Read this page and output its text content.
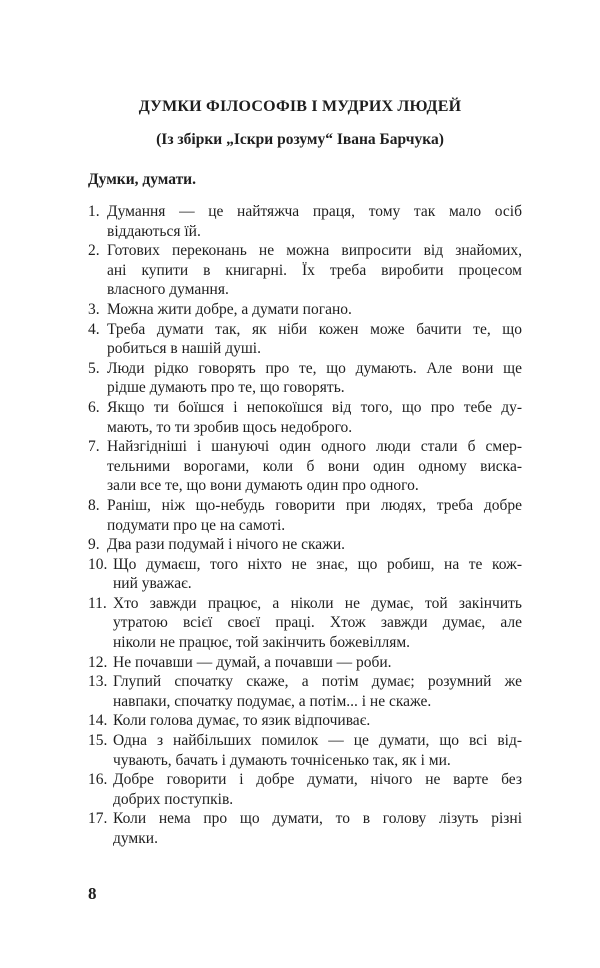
ДУМКИ ФІЛОСОФІВ І МУДРИХ ЛЮДЕЙ
(Із збірки „Іскри розуму“ Івана Барчука)
Думки, думати.
1. Думання — це найтяжча праця, тому так мало осіб
віддаються їй.
2. Готових переконань не можна випросити від знайомих,
ані купити в книгарні. Їх треба виробити процесом
власного думання.
3. Можна жити добре, а думати погано.
4. Треба думати так, як ніби кожен може бачити те, що
робиться в нашій душі.
5. Люди рідко говорять про те, що думають. Але вони ще
рідше думають про те, що говорять.
6. Якщо ти боїшся і непокоїшся від того, що про тебе ду-
мають, то ти зробив щось недоброго.
7. Найзгідніші і шануючі один одного люди стали б смер-
тельними ворогами, коли б вони один одному виска-
зали все те, що вони думають один про одного.
8. Раніш, ніж що-небудь говорити при людях, треба добре
подумати про це на самоті.
9. Два рази подумай і нічого не скажи.
10. Що думаєш, того ніхто не знає, що робиш, на те кож-
ний уважає.
11. Хто завжди працює, а ніколи не думає, той закінчить
утратою всієї своєї праці. Хтож завжди думає, але
ніколи не працює, той закінчить божевіллям.
12. Не почавши — думай, а почавши — роби.
13. Глупий спочатку скаже, а потім думає; розумний же
навпаки, спочатку подумає, а потім... і не скаже.
14. Коли голова думає, то язик відпочиває.
15. Одна з найбільших помилок — це думати, що всі від-
чувають, бачать і думають точнісенько так, як і ми.
16. Добре говорити і добре думати, нічого не варте без
добрих поступків.
17. Коли нема про що думати, то в голову лізуть різні
думки.
8
